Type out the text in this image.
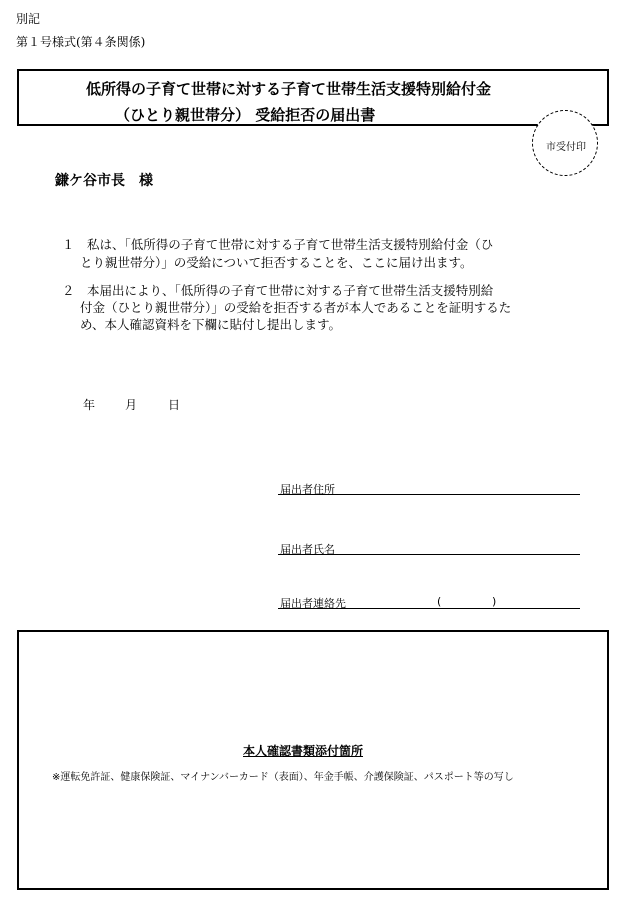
別記
第１号様式(第４条関係)
低所得の子育て世帯に対する子育て世帯生活支援特別給付金
（ひとり親世帯分） 受給拒否の届出書
市受付印
鎌ケ谷市長　様
１　私は、「低所得の子育て世帯に対する子育て世帯生活支援特別給付金（ひ
とり親世帯分）」の受給について拒否することを、ここに届け出ます。
２　本届出により、「低所得の子育て世帯に対する子育て世帯生活支援特別給
付金（ひとり親世帯分）」の受給を拒否する者が本人であることを証明するた
め、本人確認資料を下欄に貼付し提出します。
年 月	日
届出者住所
届出者氏名
届出者連絡先	(	)
本人確認書類添付箇所
※運転免許証、健康保険証、マイナンバーカード（表面）、年金手帳、介護保険証、パスポート等の写し
